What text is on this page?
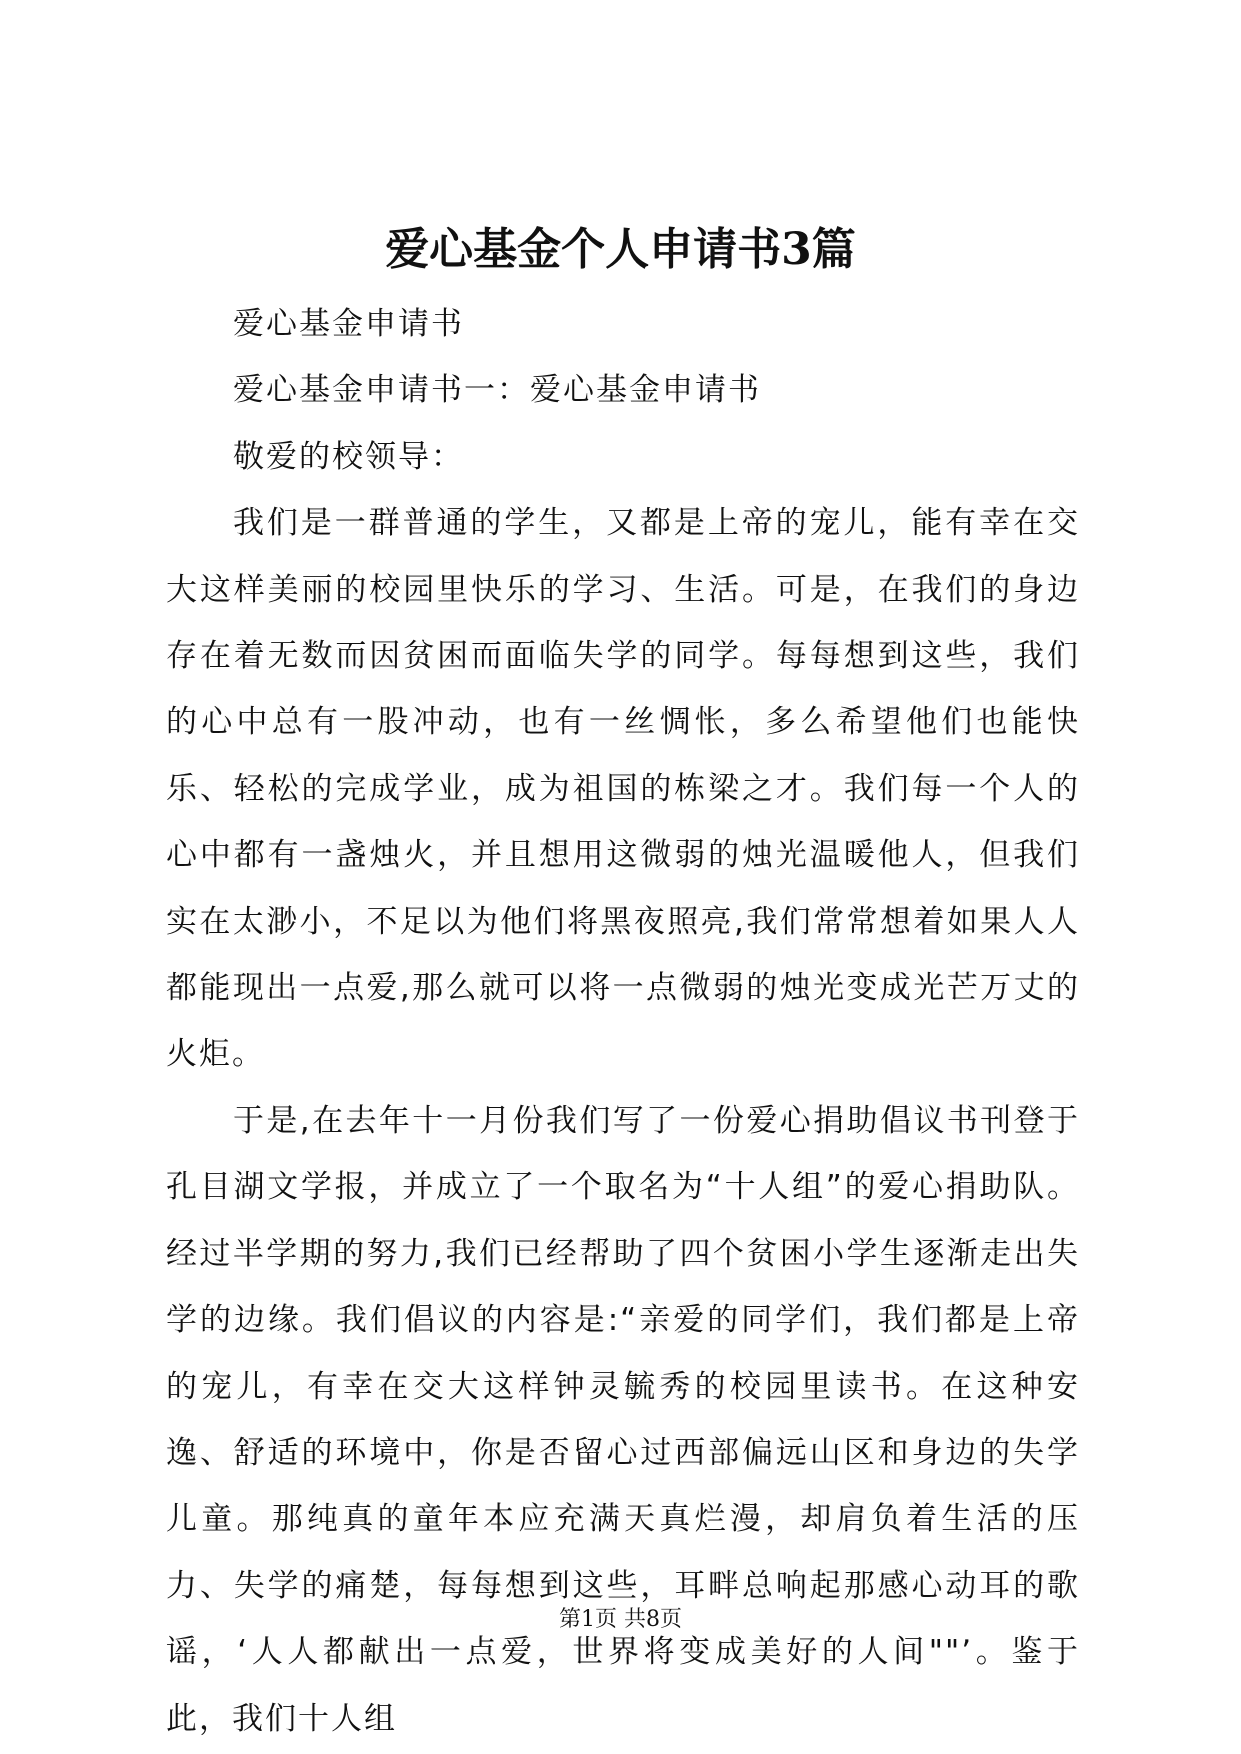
爱心基金个人申请书3篇

爱心基金申请书

爱心基金申请书一：爱心基金申请书

敬爱的校领导：

我们是一群普通的学生，又都是上帝的宠儿，能有幸在交大这样美丽的校园里快乐的学习、生活。可是，在我们的身边存在着无数而因贫困而面临失学的同学。每每想到这些，我们的心中总有一股冲动，也有一丝惆怅，多么希望他们也能快乐、轻松的完成学业，成为祖国的栋梁之才。我们每一个人的心中都有一盏烛火，并且想用这微弱的烛光温暖他人，但我们实在太渺小，不足以为他们将黑夜照亮,我们常常想着如果人人都能现出一点爱,那么就可以将一点微弱的烛光变成光芒万丈的火炬。

于是,在去年十一月份我们写了一份爱心捐助倡议书刊登于孔目湖文学报，并成立了一个取名为“十人组”的爱心捐助队。经过半学期的努力,我们已经帮助了四个贫困小学生逐渐走出失学的边缘。我们倡议的内容是:“亲爱的同学们，我们都是上帝的宠儿，有幸在交大这样钟灵毓秀的校园里读书。在这种安逸、舒适的环境中，你是否留心过西部偏远山区和身边的失学儿童。那纯真的童年本应充满天真烂漫，却肩负着生活的压力、失学的痛楚，每每想到这些，耳畔总响起那感心动耳的歌谣，‘人人都献出一点爱，世界将变成美好的人间""’。鉴于此，我们十人组

第1页 共8页
